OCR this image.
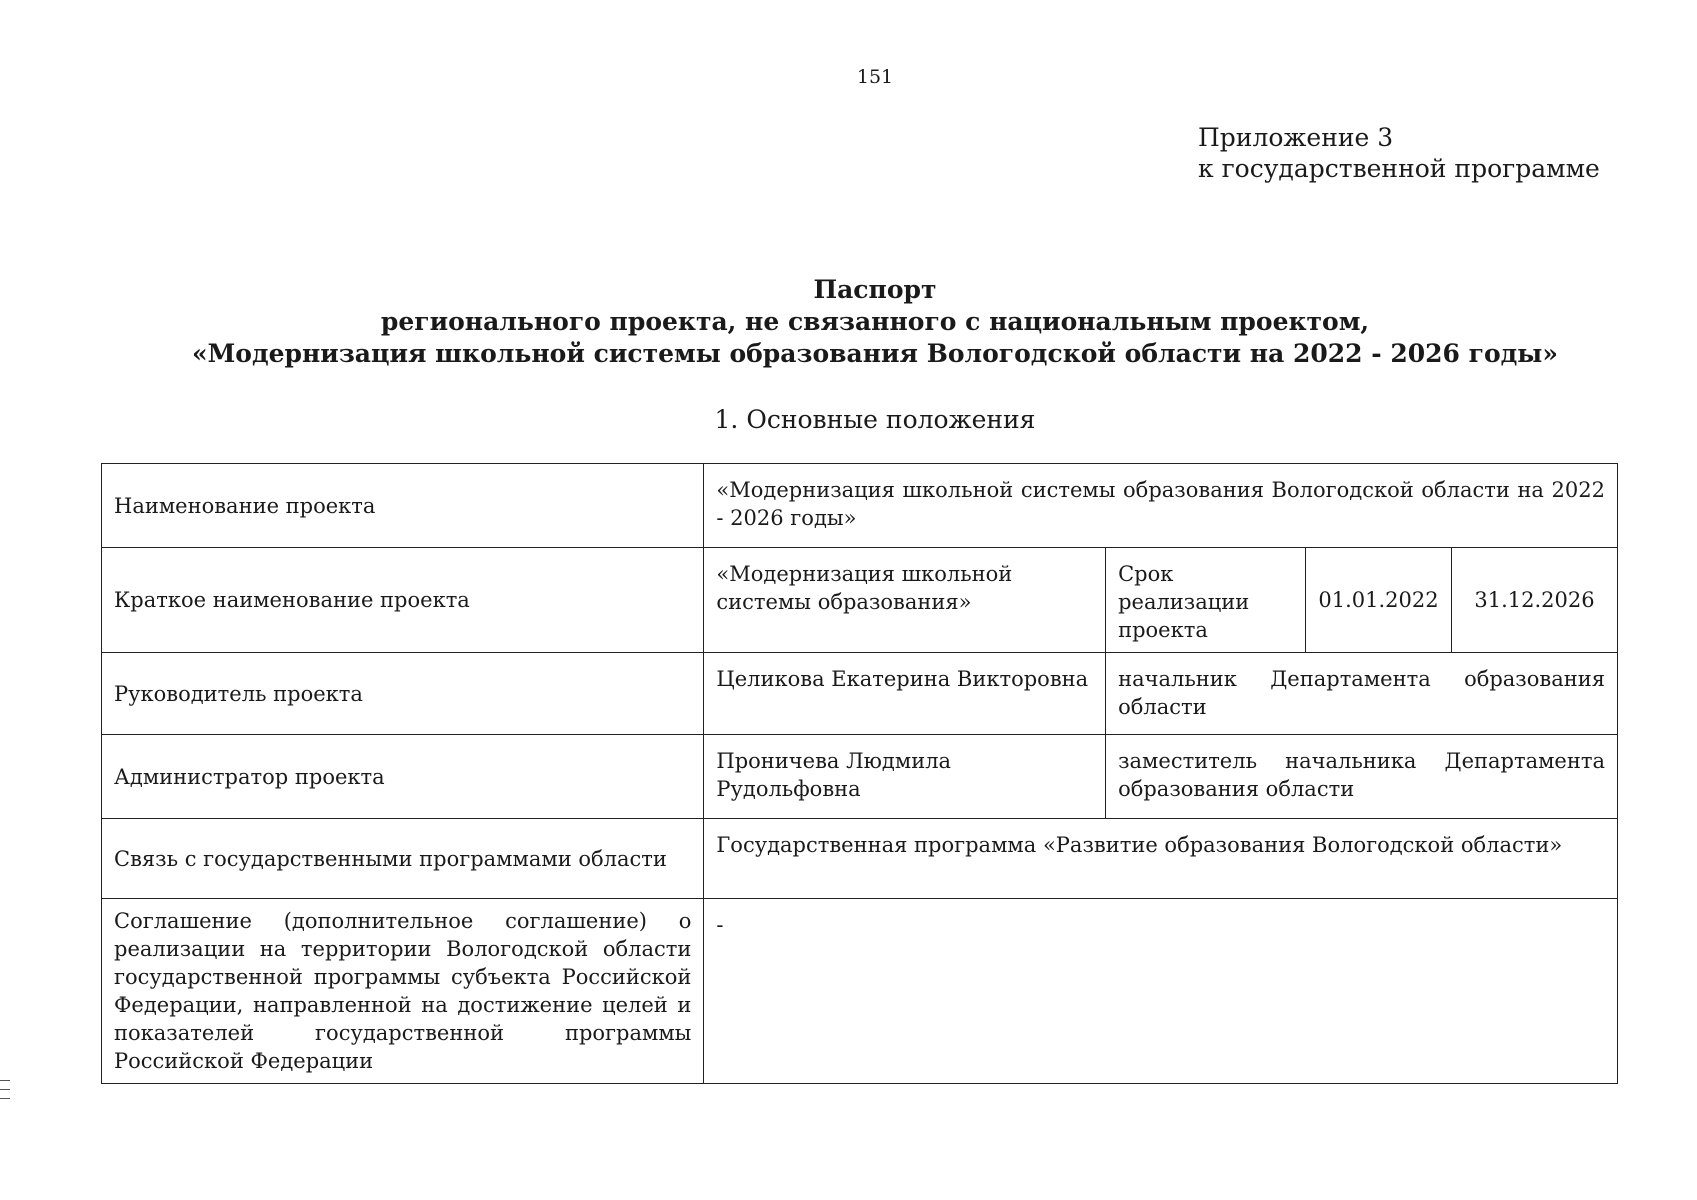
151
Приложение 3
к государственной программе
Паспорт
регионального проекта, не связанного с национальным проектом,
«Модернизация школьной системы образования Вологодской области на 2022 - 2026 годы»
1. Основные положения
Наименование проекта	«Модернизация школьной системы образования Вологодской области на 2022 - 2026 годы»			
Краткое наименование проекта	«Модернизация школьной системы образования»	Срок реализации проекта	01.01.2022	31.12.2026
Руководитель проекта	Целикова Екатерина Викторовна	начальник Департамента образования области		
Администратор проекта	Проничева Людмила Рудольфовна	заместитель начальника Департамента образования области		
Связь с государственными программами области	Государственная программа «Развитие образования Вологодской области»			
Соглашение (дополнительное соглашение) о реализации на территории Вологодской области государственной программы субъекта Российской Федерации, направленной на достижение целей и показателей государственной программы Российской Федерации	-			
